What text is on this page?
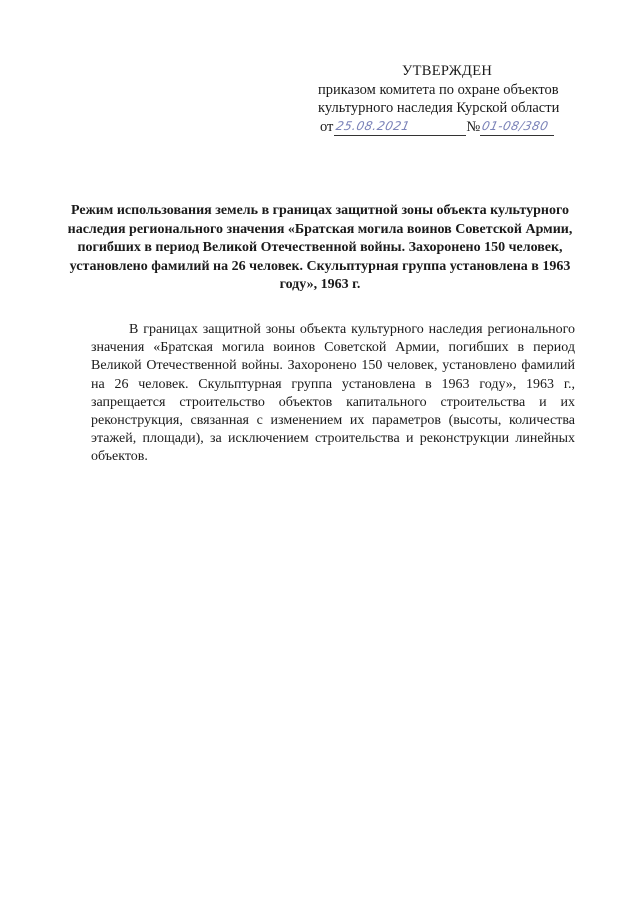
УТВЕРЖДЕН
приказом комитета по охране объектов
культурного наследия Курской области
от 25.08.2021	№ 01-08/380
Режим использования земель в границах защитной зоны объекта культурного наследия регионального значения «Братская могила воинов Советской Армии, погибших в период Великой Отечественной войны. Захоронено 150 человек, установлено фамилий на 26 человек. Скульптурная группа установлена в 1963 году», 1963 г.
В границах защитной зоны объекта культурного наследия регионального значения «Братская могила воинов Советской Армии, погибших в период Великой Отечественной войны. Захоронено 150 человек, установлено фамилий на 26 человек. Скульптурная группа установлена в 1963 году», 1963 г., запрещается строительство объектов капитального строительства и их реконструкция, связанная с изменением их параметров (высоты, количества этажей, площади), за исключением строительства и реконструкции линейных объектов.
